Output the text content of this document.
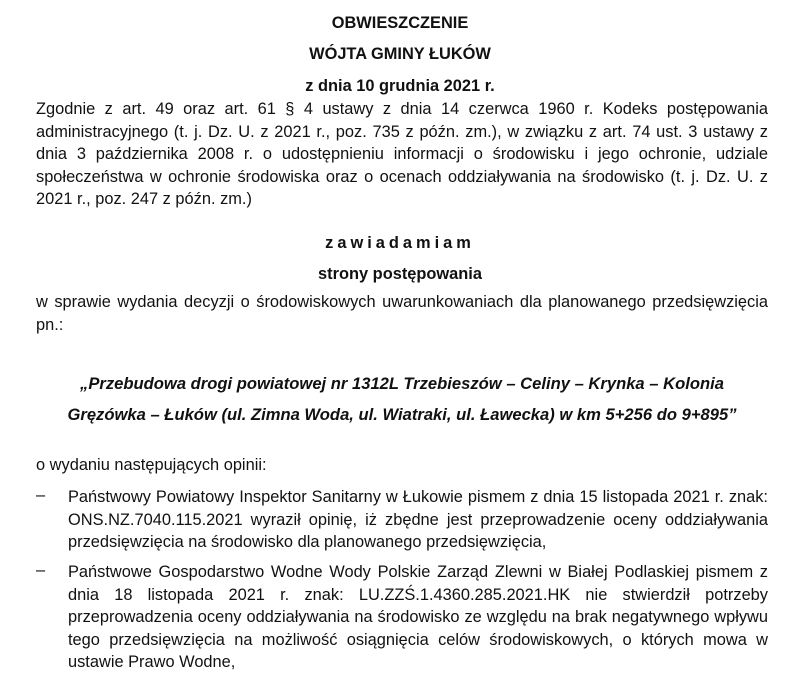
OBWIESZCZENIE
WÓJTA GMINY ŁUKÓW
z dnia 10 grudnia 2021 r.
Zgodnie z art. 49 oraz art. 61 § 4 ustawy z dnia 14 czerwca 1960 r. Kodeks postępowania administracyjnego (t. j. Dz. U. z 2021 r., poz. 735 z późn. zm.), w związku z art. 74 ust. 3 ustawy z dnia 3 października 2008 r. o udostępnieniu informacji o środowisku i jego ochronie, udziale społeczeństwa w ochronie środowiska oraz o ocenach oddziaływania na środowisko (t. j. Dz. U. z 2021 r., poz. 247 z późn. zm.)
zawiadamiam
strony postępowania
w sprawie wydania decyzji o środowiskowych uwarunkowaniach dla planowanego przedsięwzięcia pn.:
„Przebudowa drogi powiatowej nr 1312L Trzebieszów – Celiny – Krynka – Kolonia
Gręzówka – Łuków (ul. Zimna Woda, ul. Wiatraki, ul. Ławecka) w km 5+256 do 9+895”
o wydaniu następujących opinii:
–	Państwowy Powiatowy Inspektor Sanitarny w Łukowie pismem z dnia 15 listopada 2021 r. znak: ONS.NZ.7040.115.2021 wyraził opinię, iż zbędne jest przeprowadzenie oceny oddziaływania przedsięwzięcia na środowisko dla planowanego przedsięwzięcia,
–	Państwowe Gospodarstwo Wodne Wody Polskie Zarząd Zlewni w Białej Podlaskiej pismem z dnia 18 listopada 2021 r. znak: LU.ZZŚ.1.4360.285.2021.HK nie stwierdził potrzeby przeprowadzenia oceny oddziaływania na środowisko ze względu na brak negatywnego wpływu tego przedsięwzięcia na możliwość osiągnięcia celów środowiskowych, o których mowa w ustawie Prawo Wodne,
